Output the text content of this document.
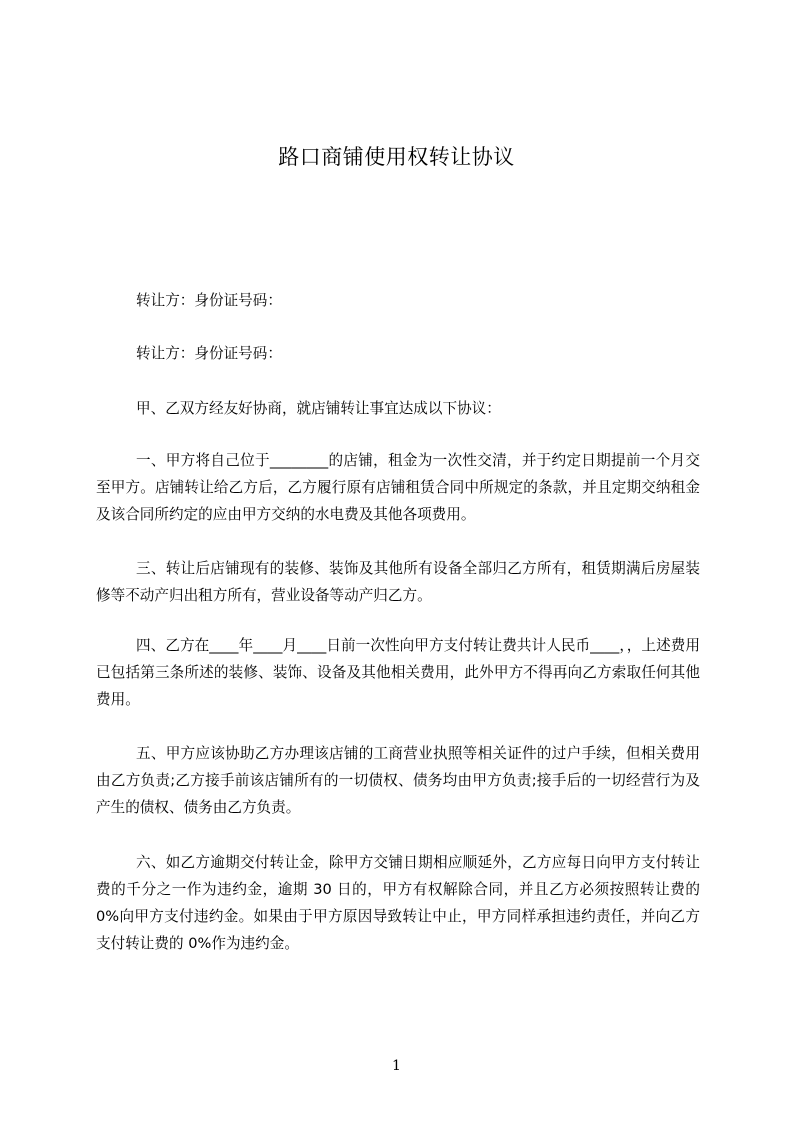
路口商铺使用权转让协议
转让方：身份证号码：
转让方：身份证号码：
甲、乙双方经友好协商，就店铺转让事宜达成以下协议：
一、甲方将自己位于________的店铺，租金为一次性交清，并于约定日期提前一个月交至甲方。店铺转让给乙方后，乙方履行原有店铺租赁合同中所规定的条款，并且定期交纳租金及该合同所约定的应由甲方交纳的水电费及其他各项费用。
三、转让后店铺现有的装修、装饰及其他所有设备全部归乙方所有，租赁期满后房屋装修等不动产归出租方所有，营业设备等动产归乙方。
四、乙方在____年____月____日前一次性向甲方支付转让费共计人民币____，，上述费用已包括第三条所述的装修、装饰、设备及其他相关费用，此外甲方不得再向乙方索取任何其他费用。
五、甲方应该协助乙方办理该店铺的工商营业执照等相关证件的过户手续，但相关费用由乙方负责;乙方接手前该店铺所有的一切债权、债务均由甲方负责;接手后的一切经营行为及产生的债权、债务由乙方负责。
六、如乙方逾期交付转让金，除甲方交铺日期相应顺延外，乙方应每日向甲方支付转让费的千分之一作为违约金，逾期 30 日的，甲方有权解除合同，并且乙方必须按照转让费的 0%向甲方支付违约金。如果由于甲方原因导致转让中止，甲方同样承担违约责任，并向乙方支付转让费的 0%作为违约金。
1
